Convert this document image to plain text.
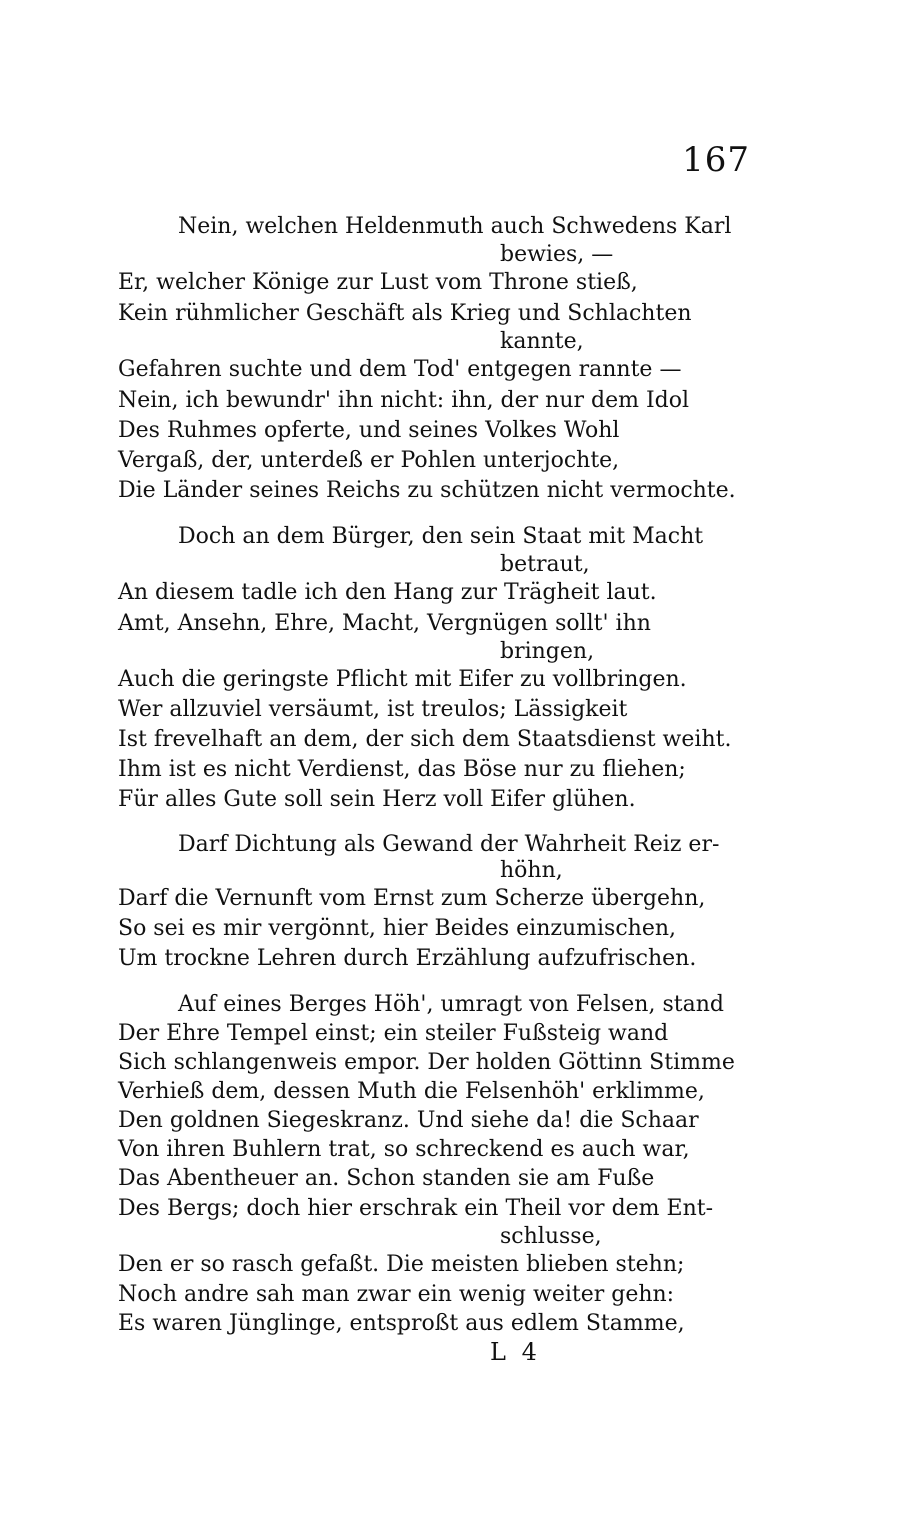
167
Nein, welchen Heldenmuth auch Schwedens Karl
bewies, —
Er, welcher Könige zur Lust vom Throne stieß,
Kein rühmlicher Geschäft als Krieg und Schlachten
kannte,
Gefahren suchte und dem Tod' entgegen rannte —
Nein, ich bewundr' ihn nicht: ihn, der nur dem Idol
Des Ruhmes opferte, und seines Volkes Wohl
Vergaß, der, unterdeß er Pohlen unterjochte,
Die Länder seines Reichs zu schützen nicht vermochte.
Doch an dem Bürger, den sein Staat mit Macht
betraut,
An diesem tadle ich den Hang zur Trägheit laut.
Amt, Ansehn, Ehre, Macht, Vergnügen sollt' ihn
bringen,
Auch die geringste Pflicht mit Eifer zu vollbringen.
Wer allzuviel versäumt, ist treulos; Lässigkeit
Ist frevelhaft an dem, der sich dem Staatsdienst weiht.
Ihm ist es nicht Verdienst, das Böse nur zu fliehen;
Für alles Gute soll sein Herz voll Eifer glühen.
Darf Dichtung als Gewand der Wahrheit Reiz er-
höhn,
Darf die Vernunft vom Ernst zum Scherze übergehn,
So sei es mir vergönnt, hier Beides einzumischen,
Um trockne Lehren durch Erzählung aufzufrischen.
Auf eines Berges Höh', umragt von Felsen, stand
Der Ehre Tempel einst; ein steiler Fußsteig wand
Sich schlangenweis empor. Der holden Göttinn Stimme
Verhieß dem, dessen Muth die Felsenhöh' erklimme,
Den goldnen Siegeskranz. Und siehe da! die Schaar
Von ihren Buhlern trat, so schreckend es auch war,
Das Abentheuer an. Schon standen sie am Fuße
Des Bergs; doch hier erschrak ein Theil vor dem Ent-
schlusse,
Den er so rasch gefaßt. Die meisten blieben stehn;
Noch andre sah man zwar ein wenig weiter gehn:
Es waren Jünglinge, entsproßt aus edlem Stamme,
L 4
